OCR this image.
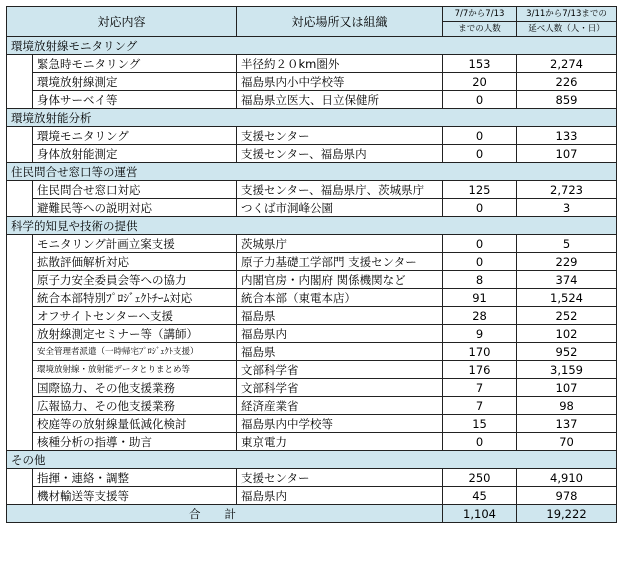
対応内容		対応場所又は組織	7/7から7/13	3/11から7/13までの
			までの人数	延べ人数（人・日）
環境放射線モニタリング				
	緊急時モニタリング	半径約２０km圏外	153	2,274
	環境放射線測定	福島県内小中学校等	20	226
	身体サーベイ等	福島県立医大、日立保健所	0	859
環境放射能分析				
	環境モニタリング	支援センター	0	133
	身体放射能測定	支援センター、福島県内	0	107
住民問合せ窓口等の運営				
	住民問合せ窓口対応	支援センター、福島県庁、茨城県庁	125	2,723
	避難民等への説明対応	つくば市洞峰公園	0	3
科学的知見や技術の提供				
	モニタリング計画立案支援	茨城県庁	0	5
	拡散評価解析対応	原子力基礎工学部門 支援センター	0	229
	原子力安全委員会等への協力	内閣官房・内閣府 関係機関など	8	374
	統合本部特別ﾌﾟﾛｼﾞｪｸﾄﾁｰﾑ対応	統合本部（東電本店）	91	1,524
	オフサイトセンターへ支援	福島県	28	252
	放射線測定セミナー等（講師）	福島県内	9	102
	安全管理者派遣（一時帰宅ﾌﾟﾛｼﾞｪｸﾄ支援）	福島県	170	952
	環境放射線・放射能データとりまとめ等	文部科学省	176	3,159
	国際協力、その他支援業務	文部科学省	7	107
	広報協力、その他支援業務	経済産業省	7	98
	校庭等の放射線量低減化検討	福島県内中学校等	15	137
	核種分析の指導・助言	東京電力	0	70
その他				
	指揮・連絡・調整	支援センター	250	4,910
	機材輸送等支援等	福島県内	45	978
合計			1,104	19,222
